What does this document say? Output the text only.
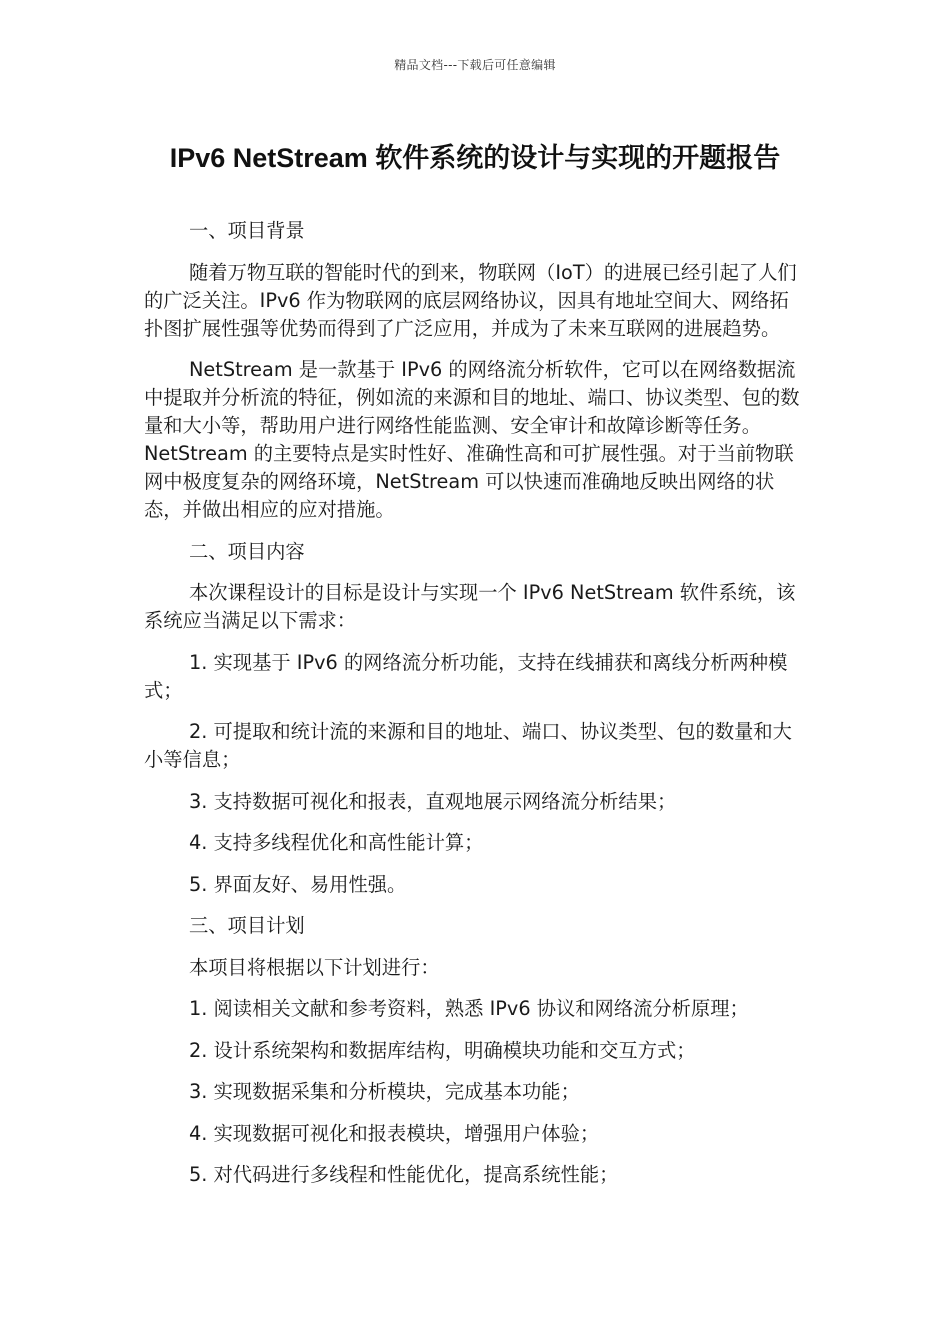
精品文档---下载后可任意编辑
IPv6 NetStream 软件系统的设计与实现的开题报告

一、项目背景

随着万物互联的智能时代的到来，物联网（IoT）的进展已经引起了人们的广泛关注。IPv6 作为物联网的底层网络协议，因具有地址空间大、网络拓扑图扩展性强等优势而得到了广泛应用，并成为了未来互联网的进展趋势。

NetStream 是一款基于 IPv6 的网络流分析软件，它可以在网络数据流中提取并分析流的特征，例如流的来源和目的地址、端口、协议类型、包的数量和大小等，帮助用户进行网络性能监测、安全审计和故障诊断等任务。NetStream 的主要特点是实时性好、准确性高和可扩展性强。对于当前物联网中极度复杂的网络环境，NetStream 可以快速而准确地反映出网络的状态，并做出相应的应对措施。

二、项目内容

本次课程设计的目标是设计与实现一个 IPv6 NetStream 软件系统，该系统应当满足以下需求：

1. 实现基于 IPv6 的网络流分析功能，支持在线捕获和离线分析两种模式；

2. 可提取和统计流的来源和目的地址、端口、协议类型、包的数量和大小等信息；

3. 支持数据可视化和报表，直观地展示网络流分析结果；

4. 支持多线程优化和高性能计算；

5. 界面友好、易用性强。

三、项目计划

本项目将根据以下计划进行：

1. 阅读相关文献和参考资料，熟悉 IPv6 协议和网络流分析原理；

2. 设计系统架构和数据库结构，明确模块功能和交互方式；

3. 实现数据采集和分析模块，完成基本功能；

4. 实现数据可视化和报表模块，增强用户体验；

5. 对代码进行多线程和性能优化，提高系统性能；
